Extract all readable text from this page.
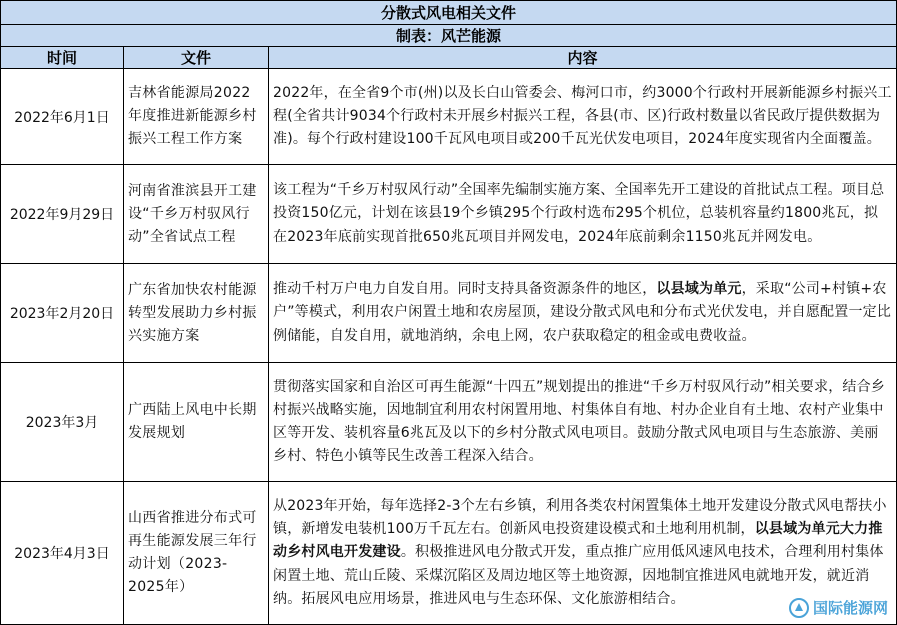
分散式风电相关文件
制表：风芒能源
时间	文件	内容
2022年6月1日
吉林省能源局2022年度推进新能源乡村振兴工程工作方案
2022年，在全省9个市(州)以及长白山管委会、梅河口市，约3000个行政村开展新能源乡村振兴工程(全省共计9034个行政村未开展乡村振兴工程，各县(市、区)行政村数量以省民政厅提供数据为准)。每个行政村建设100千瓦风电项目或200千瓦光伏发电项目，2024年度实现省内全面覆盖。
2022年9月29日
河南省淮滨县开工建设“千乡万村驭风行动”全省试点工程
该工程为“千乡万村驭风行动”全国率先编制实施方案、全国率先开工建设的首批试点工程。项目总投资150亿元，计划在该县19个乡镇295个行政村选布295个机位，总装机容量约1800兆瓦，拟在2023年底前实现首批650兆瓦项目并网发电，2024年底前剩余1150兆瓦并网发电。
2023年2月20日
广东省加快农村能源转型发展助力乡村振兴实施方案
推动千村万户电力自发自用。同时支持具备资源条件的地区，以县域为单元，采取“公司+村镇+农户”等模式，利用农户闲置土地和农房屋顶，建设分散式风电和分布式光伏发电，并自愿配置一定比例储能，自发自用，就地消纳，余电上网，农户获取稳定的租金或电费收益。
2023年3月
广西陆上风电中长期发展规划
贯彻落实国家和自治区可再生能源“十四五”规划提出的推进“千乡万村驭风行动”相关要求，结合乡村振兴战略实施，因地制宜利用农村闲置用地、村集体自有地、村办企业自有土地、农村产业集中区等开发、装机容量6兆瓦及以下的乡村分散式风电项目。鼓励分散式风电项目与生态旅游、美丽乡村、特色小镇等民生改善工程深入结合。
2023年4月3日
山西省推进分布式可再生能源发展三年行动计划（2023-2025年）
从2023年开始，每年选择2-3个左右乡镇，利用各类农村闲置集体土地开发建设分散式风电帮扶小镇，新增发电装机100万千瓦左右。创新风电投资建设模式和土地利用机制，以县域为单元大力推动乡村风电开发建设。积极推进风电分散式开发，重点推广应用低风速风电技术，合理利用村集体闲置土地、荒山丘陵、采煤沉陷区及周边地区等土地资源，因地制宜推进风电就地开发，就近消纳。拓展风电应用场景，推进风电与生态环保、文化旅游相结合。
国际能源网
